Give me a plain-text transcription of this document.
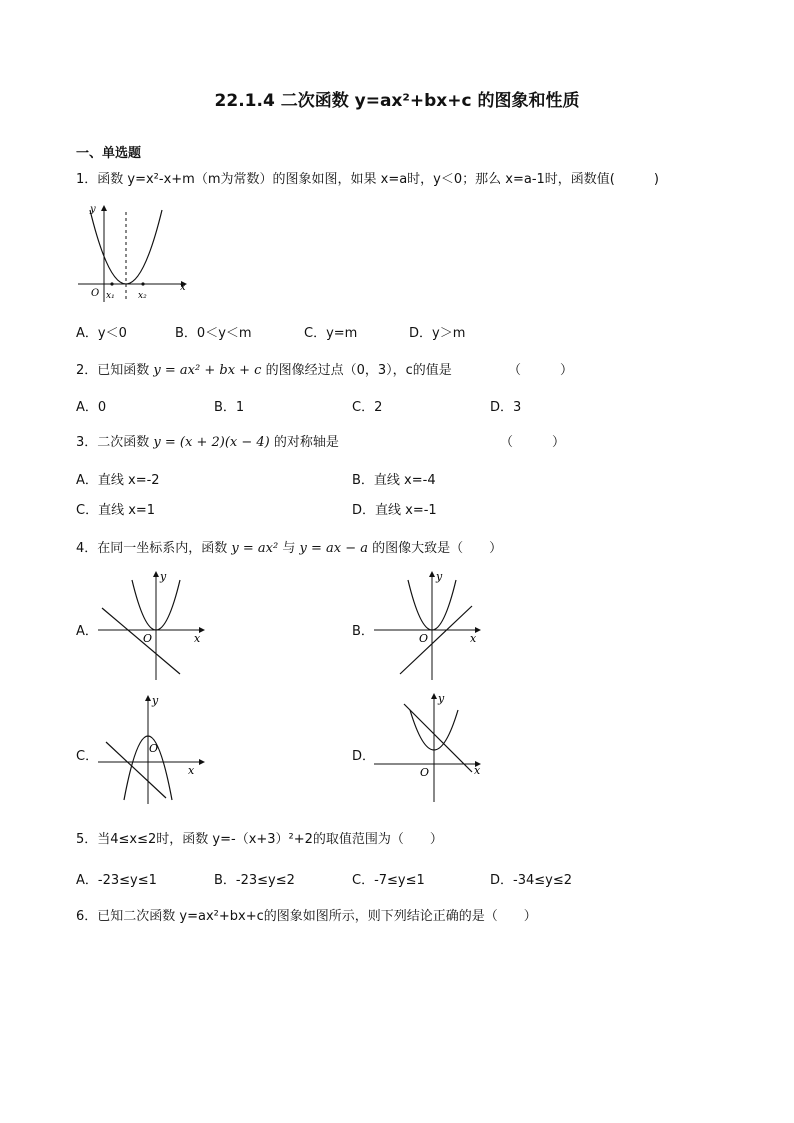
22.1.4 二次函数 y=ax²+bx+c 的图象和性质
一、单选题
1．函数 y=x²-x+m（m为常数）的图象如图，如果 x=a时，y＜0；那么 x=a-1时，函数值(　　　)
y
x
O x₁	x₂
A．y＜0	B．0＜y＜m	C．y=m	D．y＞m
2．已知函数 y = ax² + bx + c 的图像经过点（0，3），c的值是	（　　　）
A．0	B．1	C．2	D．3
3．二次函数 y = (x + 2)(x − 4) 的对称轴是	（　　　）
A．直线 x=-2	B．直线 x=-4
C．直线 x=1	D．直线 x=-1
4．在同一坐标系内，函数 y = ax² 与 y = ax − a 的图像大致是（　　）
A．	B．
C．	D．
y
x
O
y
x
O
y
x
O
y
x
O
5．当4≤x≤2时，函数 y=-（x+3）²+2的取值范围为（　　）
A．-23≤y≤1	B．-23≤y≤2	C．-7≤y≤1	D．-34≤y≤2
6．已知二次函数 y=ax²+bx+c的图象如图所示，则下列结论正确的是（　　）
